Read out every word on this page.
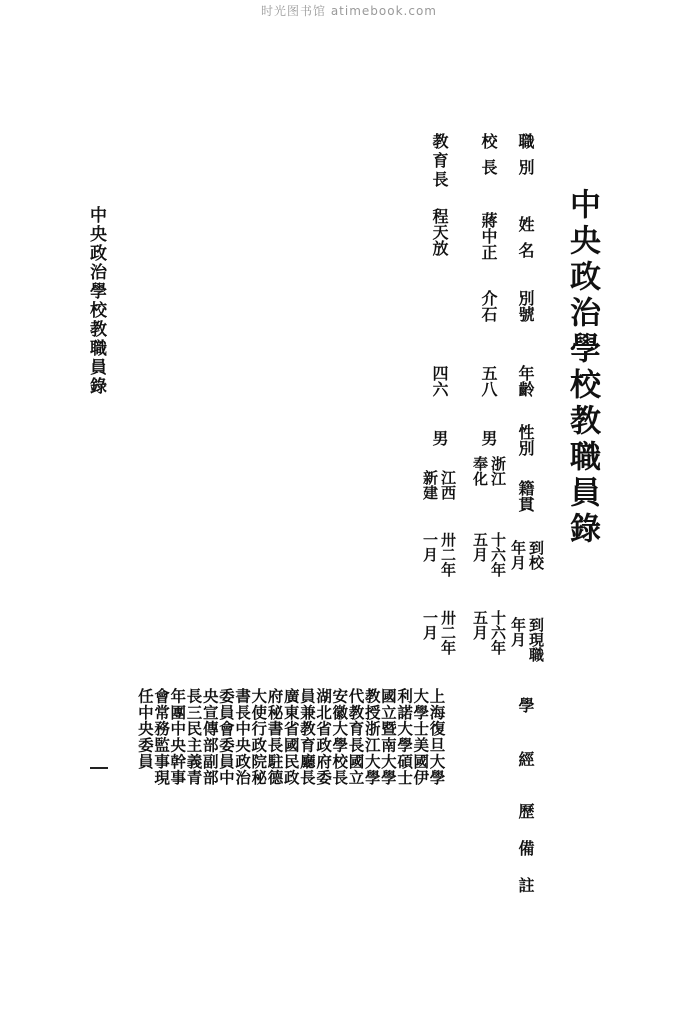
时光图书馆 atimebook.com
中央政治學校教職員錄
中央政治學校教職員錄
職別
姓名
別號
年齡
性別
籍貫
到校
年月
到現職
年月
學
經
歷
備
註
校長
蔣中正
介石
五八
男
浙江
奉化
十六年
五月
十六年
五月
教育長
程天放
四六
男
江西
新建
卅二年
一月
卅二年
一月
上海復旦大學
大學士美國伊
利諾大學碩士
國立暨南大學
教授浙江大學
代教育長國立
安徽大學校長
湖北省政府委
員兼教育廳長
廣東省國民政
府秘書長駐德
大使行政院秘
書長中央政治
委員會委員中
央宣傳部副部
長三民主義青
年團中央幹事
會常務監事現
任中央委員
